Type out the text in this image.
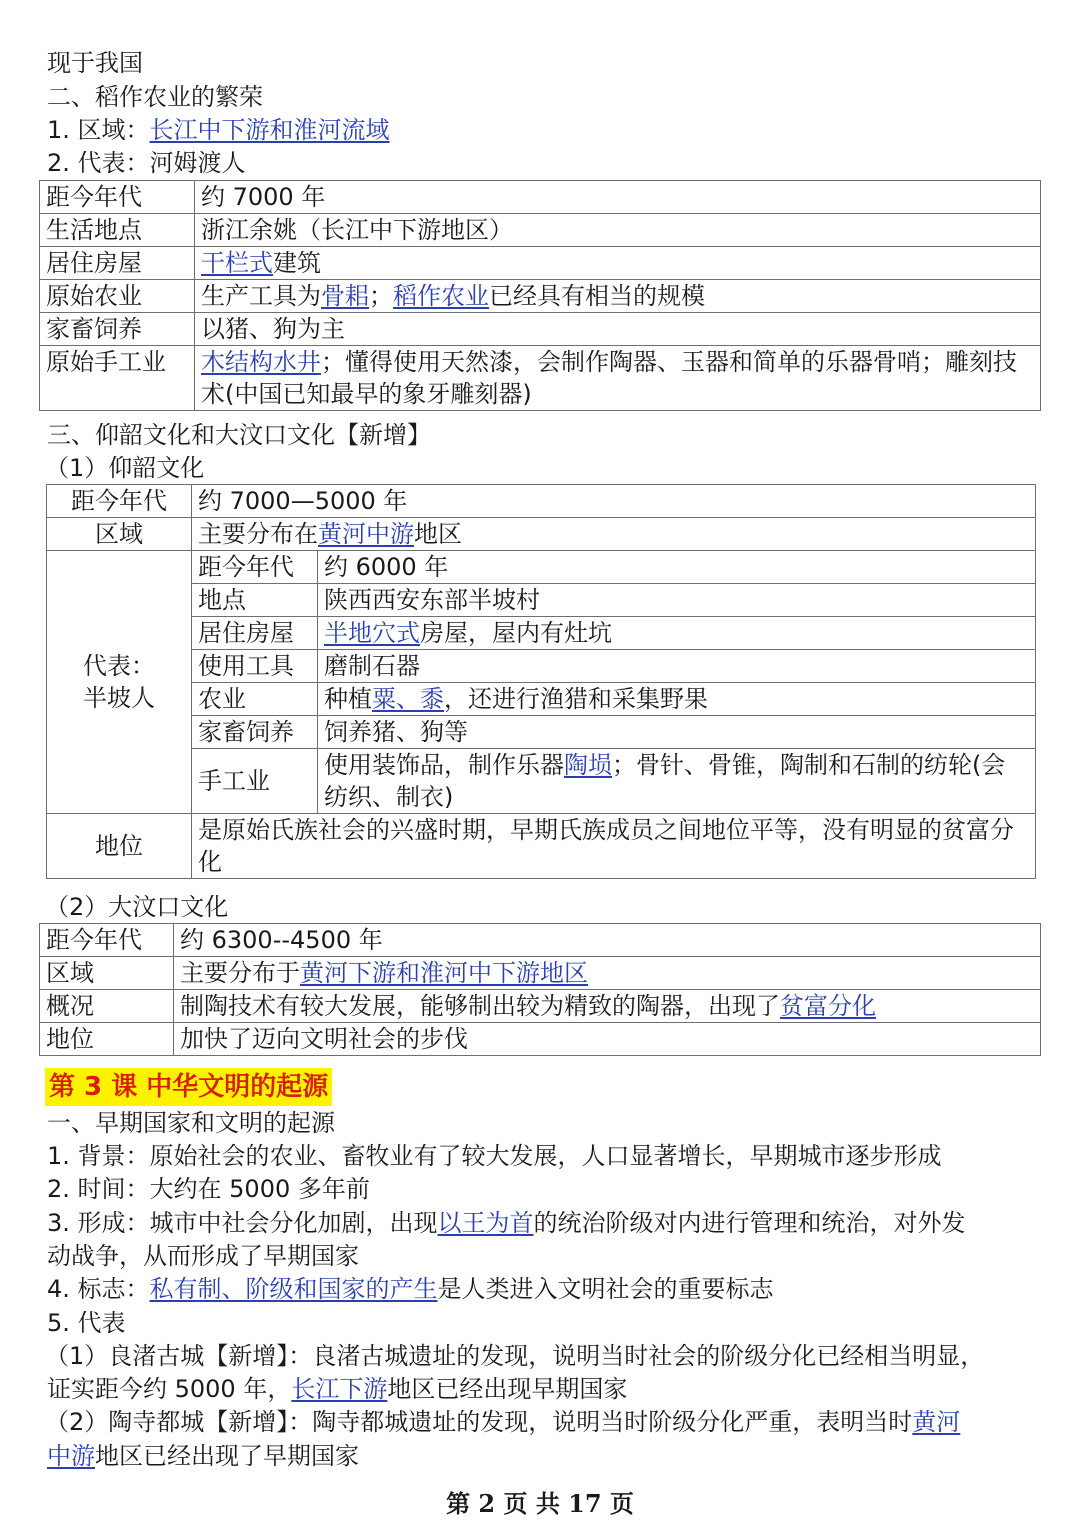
现于我国
二、稻作农业的繁荣
1. 区域：长江中下游和淮河流域
2. 代表：河姆渡人
距今年代	约 7000 年
生活地点	浙江余姚（长江中下游地区）
居住房屋	干栏式建筑
原始农业	生产工具为骨耜；稻作农业已经具有相当的规模
家畜饲养	以猪、狗为主
原始手工业	木结构水井；懂得使用天然漆，会制作陶器、玉器和简单的乐器骨哨；雕刻技术(中国已知最早的象牙雕刻器)
三、仰韶文化和大汶口文化【新增】
（1）仰韶文化
距今年代	约 7000—5000 年	
区域	主要分布在黄河中游地区	
代表：
半坡人	距今年代	约 6000 年
	地点	陕西西安东部半坡村
	居住房屋	半地穴式房屋，屋内有灶坑
	使用工具	磨制石器
	农业	种植粟、黍，还进行渔猎和采集野果
	家畜饲养	饲养猪、狗等
	手工业	使用装饰品，制作乐器陶埙；骨针、骨锥，陶制和石制的纺轮(会纺织、制衣)
地位	是原始氏族社会的兴盛时期，早期氏族成员之间地位平等，没有明显的贫富分化	
（2）大汶口文化
距今年代	约 6300--4500 年
区域	主要分布于黄河下游和淮河中下游地区
概况	制陶技术有较大发展，能够制出较为精致的陶器，出现了贫富分化
地位	加快了迈向文明社会的步伐
第 3 课 中华文明的起源
一、早期国家和文明的起源
1. 背景：原始社会的农业、畜牧业有了较大发展，人口显著增长，早期城市逐步形成
2. 时间：大约在 5000 多年前
3. 形成：城市中社会分化加剧，出现以王为首的统治阶级对内进行管理和统治，对外发
动战争，从而形成了早期国家
4. 标志：私有制、阶级和国家的产生是人类进入文明社会的重要标志
5. 代表
（1）良渚古城【新增】：良渚古城遗址的发现，说明当时社会的阶级分化已经相当明显，
证实距今约 5000 年，长江下游地区已经出现早期国家
（2）陶寺都城【新增】：陶寺都城遗址的发现，说明当时阶级分化严重，表明当时黄河
中游地区已经出现了早期国家
第 2 页 共 17 页
